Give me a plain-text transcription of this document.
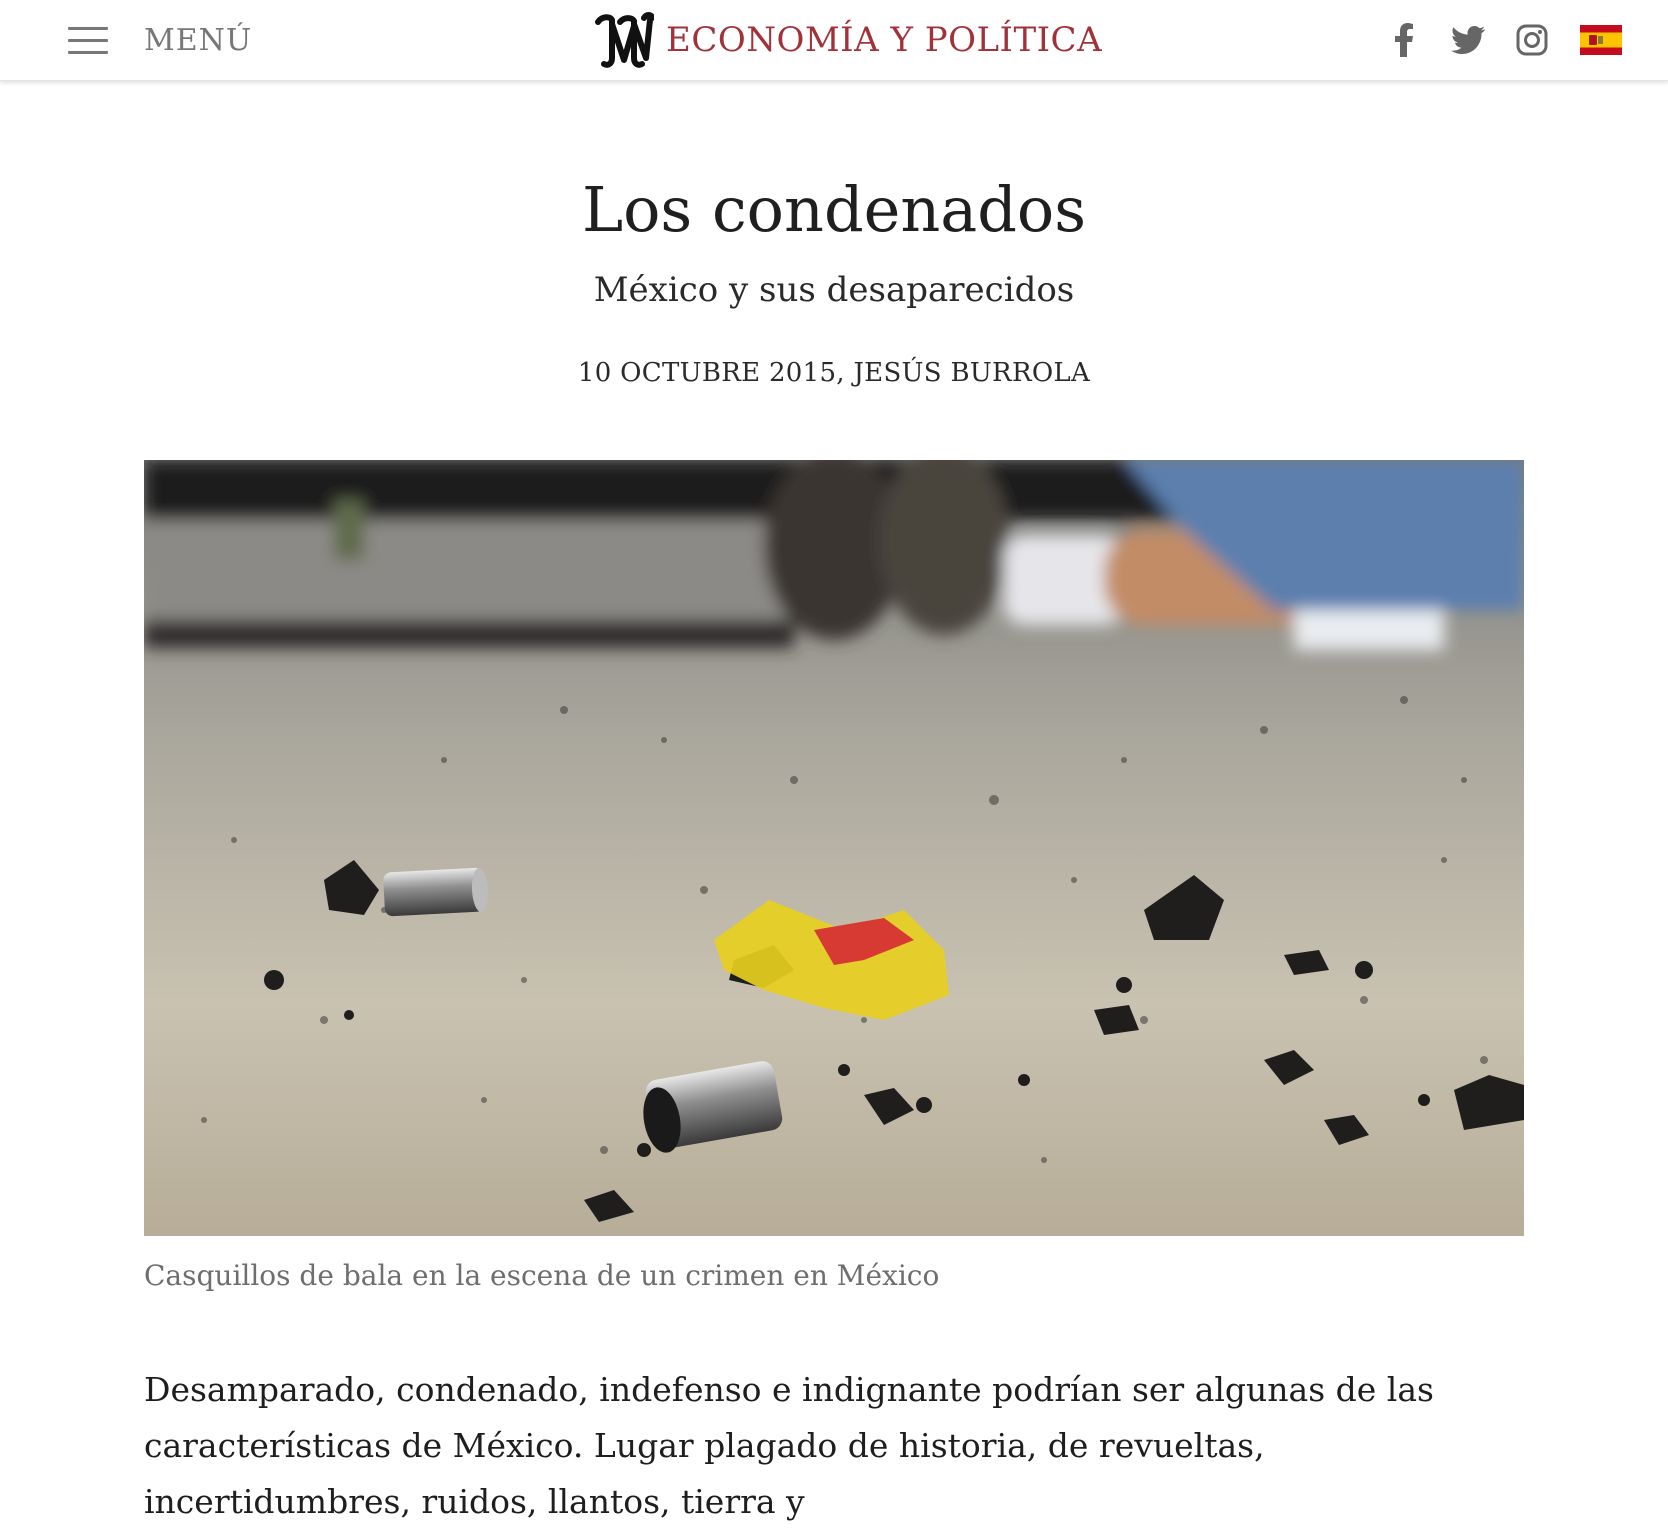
MENÚ	ECONOMÍA Y POLÍTICA
Los condenados
México y sus desaparecidos
10 OCTUBRE 2015, JESÚS BURROLA
Casquillos de bala en la escena de un crimen en México

Desamparado, condenado, indefenso e indignante podrían ser algunas de las características de México. Lugar plagado de historia, de revueltas, incertidumbres, ruidos, llantos, tierra y
